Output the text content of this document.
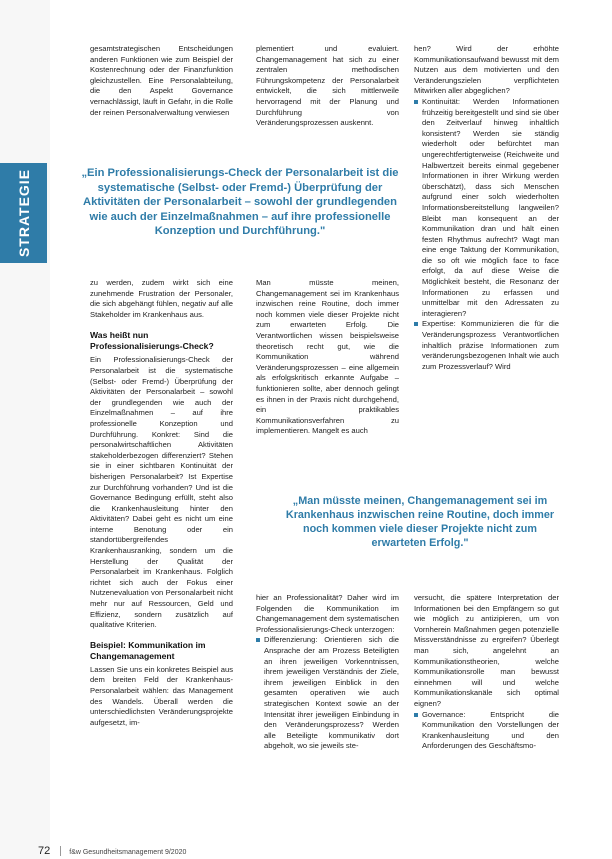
STRATEGIE

gesamtstrategischen Entscheidungen anderen Funktionen wie zum Beispiel der Kostenrechnung oder der Finanzfunktion gleichzustellen. Eine Personalabteilung, die den Aspekt Governance vernachlässigt, läuft in Gefahr, in die Rolle der reinen Personalverwaltung verwiesen

„Ein Professionalisierungs-Check der Personalarbeit ist die systematische (Selbst- oder Fremd-) Überprüfung der Aktivitäten der Personalarbeit – sowohl der grundlegenden wie auch der Einzelmaßnahmen – auf ihre professionelle Konzeption und Durchführung."

zu werden, zudem wirkt sich eine zunehmende Frustration der Personaler, die sich abgehängt fühlen, negativ auf alle Stakeholder im Krankenhaus aus.

Was heißt nun Professionalisierungs-Check?

Ein Professionalisierungs-Check der Personalarbeit ist die systematische (Selbst- oder Fremd-) Überprüfung der Aktivitäten der Personalarbeit – sowohl der grundlegenden wie auch der Einzelmaßnahmen – auf ihre professionelle Konzeption und Durchführung. Konkret: Sind die personalwirtschaftlichen Aktivitäten stakeholderbezogen differenziert? Stehen sie in einer sichtbaren Kontinuität der bisherigen Personalarbeit? Ist Expertise zur Durchführung vorhanden? Und ist die Governance Bedingung erfüllt, steht also die Krankenhausleitung hinter den Aktivitäten? Dabei geht es nicht um eine interne Benotung oder ein standortübergreifendes Krankenhausranking, sondern um die Herstellung der Qualität der Personalarbeit im Krankenhaus. Folglich richtet sich auch der Fokus einer Nutzenevaluation von Personalarbeit nicht mehr nur auf Ressourcen, Geld und Effizienz, sondern zusätzlich auf qualitative Kriterien.

Beispiel: Kommunikation im Changemanagement

Lassen Sie uns ein konkretes Beispiel aus dem breiten Feld der Krankenhaus-Personalarbeit wählen: das Management des Wandels. Überall werden die unterschiedlichsten Veränderungsprojekte aufgesetzt, im-

plementiert und evaluiert. Changemanagement hat sich zu einer zentralen methodischen Führungskompetenz der Personalarbeit entwickelt, die sich mittlerweile hervorragend mit der Planung und Durchführung von Veränderungsprozessen auskennt.

Man müsste meinen, Changemanagement sei im Krankenhaus inzwischen reine Routine, doch immer noch kommen viele dieser Projekte nicht zum erwarteten Erfolg. Die Verantwortlichen wissen beispielsweise theoretisch recht gut, wie die Kommunikation während Veränderungsprozessen – eine allgemein als erfolgskritisch erkannte Aufgabe – funktionieren sollte, aber dennoch gelingt es ihnen in der Praxis nicht durchgehend, ein praktikables Kommunikationsverfahren zu implementieren. Mangelt es auch

hier an Professionalität? Daher wird im Folgenden die Kommunikation im Changemanagement dem systematischen Professionalisierungs-Check unterzogen:

Differenzierung: Orientieren sich die Ansprache der am Prozess Beteiligten an ihren jeweiligen Vorkenntnissen, ihrem jeweiligen Verständnis der Ziele, ihrem jeweiligen Einblick in den gesamten operativen wie auch strategischen Kontext sowie an der Intensität ihrer jeweiligen Einbindung in den Veränderungsprozess? Werden alle Beteiligte kommunikativ dort abgeholt, wo sie jeweils ste-

hen? Wird der erhöhte Kommunikationsaufwand bewusst mit dem Nutzen aus dem motivierten und den Veränderungszielen verpflichteten Mitwirken aller abgeglichen?

Kontinuität: Werden Informationen frühzeitig bereitgestellt und sind sie über den Zeitverlauf hinweg inhaltlich konsistent? Werden sie ständig wiederholt oder befürchtet man ungerechtfertigterweise (Reichweite und Halbwertzeit bereits einmal gegebener Informationen in ihrer Wirkung werden überschätzt), dass sich Menschen aufgrund einer solch wiederholten Informationsbereitstellung langweilen? Bleibt man konsequent an der Kommunikation dran und hält einen festen Rhythmus aufrecht? Wagt man eine enge Taktung der Kommunikation, die so oft wie möglich face to face erfolgt, da auf diese Weise die Möglichkeit besteht, die Resonanz der Informationen zu erfassen und unmittelbar mit den Adressaten zu interagieren?
Expertise: Kommunizieren die für die Veränderungsprozess Verantwortlichen inhaltlich präzise Informationen zum veränderungsbezogenen Inhalt wie auch zum Prozessverlauf? Wird
„Man müsste meinen, Changemanagement sei im Krankenhaus inzwischen reine Routine, doch immer noch kommen viele dieser Projekte nicht zum erwarteten Erfolg."

versucht, die spätere Interpretation der Informationen bei den Empfängern so gut wie möglich zu antizipieren, um von Vornherein Maßnahmen gegen potenzielle Missverständnisse zu ergreifen? Überlegt man sich, angelehnt an Kommunikationstheorien, welche Kommunikationsrolle man bewusst einnehmen will und welche Kommunikationskanäle sich optimal eignen?

Governance: Entspricht die Kommunikation den Vorstellungen der Krankenhausleitung und den Anforderungen des Geschäftsmo-
72	f&w Gesundheitsmanagement 9/2020
